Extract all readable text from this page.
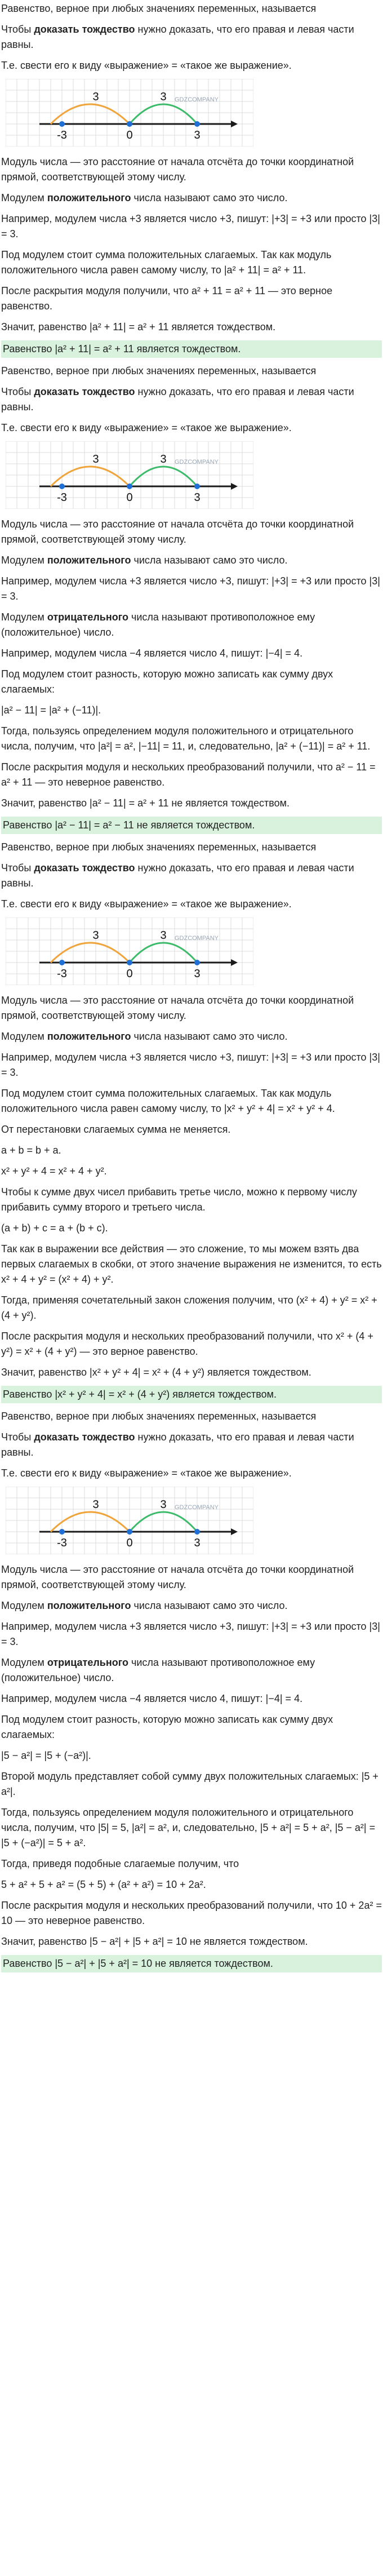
Равенство, верное при любых значениях переменных, называется

Чтобы доказать тождество нужно доказать, что его правая и левая части равны.

Т.е. свести его к виду «выражение» = «такое же выражение».

-3	0	3
3	3 GDZCOMPANY

Модуль числа — это расстояние от начала отсчёта до точки координатной прямой, соответствующей этому числу.

Модулем положительного числа называют само это число.

Например, модулем числа +3 является число +3, пишут: |+3| = +3 или просто |3| = 3.

Под модулем стоит сумма положительных слагаемых. Так как модуль положительного числа равен самому числу, то |a² + 11| = a² + 11.

После раскрытия модуля получили, что a² + 11 = a² + 11 — это верное равенство.

Значит, равенство |a² + 11| = a² + 11 является тождеством.

Равенство |a² + 11| = a² + 11 является тождеством.

Равенство, верное при любых значениях переменных, называется

Чтобы доказать тождество нужно доказать, что его правая и левая части равны.

Т.е. свести его к виду «выражение» = «такое же выражение».

-3	0	3
3	3 GDZCOMPANY

Модуль числа — это расстояние от начала отсчёта до точки координатной прямой, соответствующей этому числу.

Модулем положительного числа называют само это число.

Например, модулем числа +3 является число +3, пишут: |+3| = +3 или просто |3| = 3.

Модулем отрицательного числа называют противоположное ему (положительное) число.

Например, модулем числа −4 является число 4, пишут: |−4| = 4.

Под модулем стоит разность, которую можно записать как сумму двух слагаемых:

|a² − 11| = |a² + (−11)|.

Тогда, пользуясь определением модуля положительного и отрицательного числа, получим, что |a²| = a², |−11| = 11, и, следовательно, |a² + (−11)| = a² + 11.

После раскрытия модуля и нескольких преобразований получили, что a² − 11 = a² + 11 — это неверное равенство.

Значит, равенство |a² − 11| = a² + 11 не является тождеством.

Равенство |a² − 11| = a² − 11 не является тождеством.

Равенство, верное при любых значениях переменных, называется

Чтобы доказать тождество нужно доказать, что его правая и левая части равны.

Т.е. свести его к виду «выражение» = «такое же выражение».

-3	0	3
3	3 GDZCOMPANY

Модуль числа — это расстояние от начала отсчёта до точки координатной прямой, соответствующей этому числу.

Модулем положительного числа называют само это число.

Например, модулем числа +3 является число +3, пишут: |+3| = +3 или просто |3| = 3.

Под модулем стоит сумма положительных слагаемых. Так как модуль положительного числа равен самому числу, то |x² + y² + 4| = x² + y² + 4.

От перестановки слагаемых сумма не меняется.

a + b = b + a.

x² + y² + 4 = x² + 4 + y².

Чтобы к сумме двух чисел прибавить третье число, можно к первому числу прибавить сумму второго и третьего числа.

(a + b) + c = a + (b + c).

Так как в выражении все действия — это сложение, то мы можем взять два первых слагаемых в скобки, от этого значение выражения не изменится, то есть x² + 4 + y² = (x² + 4) + y².

Тогда, применяя сочетательный закон сложения получим, что (x² + 4) + y² = x² + (4 + y²).

После раскрытия модуля и нескольких преобразований получили, что x² + (4 + y²) = x² + (4 + y²) — это верное равенство.

Значит, равенство |x² + y² + 4| = x² + (4 + y²) является тождеством.

Равенство |x² + y² + 4| = x² + (4 + y²) является тождеством.

Равенство, верное при любых значениях переменных, называется

Чтобы доказать тождество нужно доказать, что его правая и левая части равны.

Т.е. свести его к виду «выражение» = «такое же выражение».

-3	0	3
3	3 GDZCOMPANY

Модуль числа — это расстояние от начала отсчёта до точки координатной прямой, соответствующей этому числу.

Модулем положительного числа называют само это число.

Например, модулем числа +3 является число +3, пишут: |+3| = +3 или просто |3| = 3.

Модулем отрицательного числа называют противоположное ему (положительное) число.

Например, модулем числа −4 является число 4, пишут: |−4| = 4.

Под модулем стоит разность, которую можно записать как сумму двух слагаемых:

|5 − a²| = |5 + (−a²)|.

Второй модуль представляет собой сумму двух положительных слагаемых: |5 + a²|.

Тогда, пользуясь определением модуля положительного и отрицательного числа, получим, что |5| = 5, |a²| = a², и, следовательно, |5 + a²| = 5 + a², |5 − a²| = |5 + (−a²)| = 5 + a².

Тогда, приведя подобные слагаемые получим, что

5 + a² + 5 + a² = (5 + 5) + (a² + a²) = 10 + 2a².

После раскрытия модуля и нескольких преобразований получили, что 10 + 2a² = 10 — это неверное равенство.

Значит, равенство |5 − a²| + |5 + a²| = 10 не является тождеством.

Равенство |5 − a²| + |5 + a²| = 10 не является тождеством.
